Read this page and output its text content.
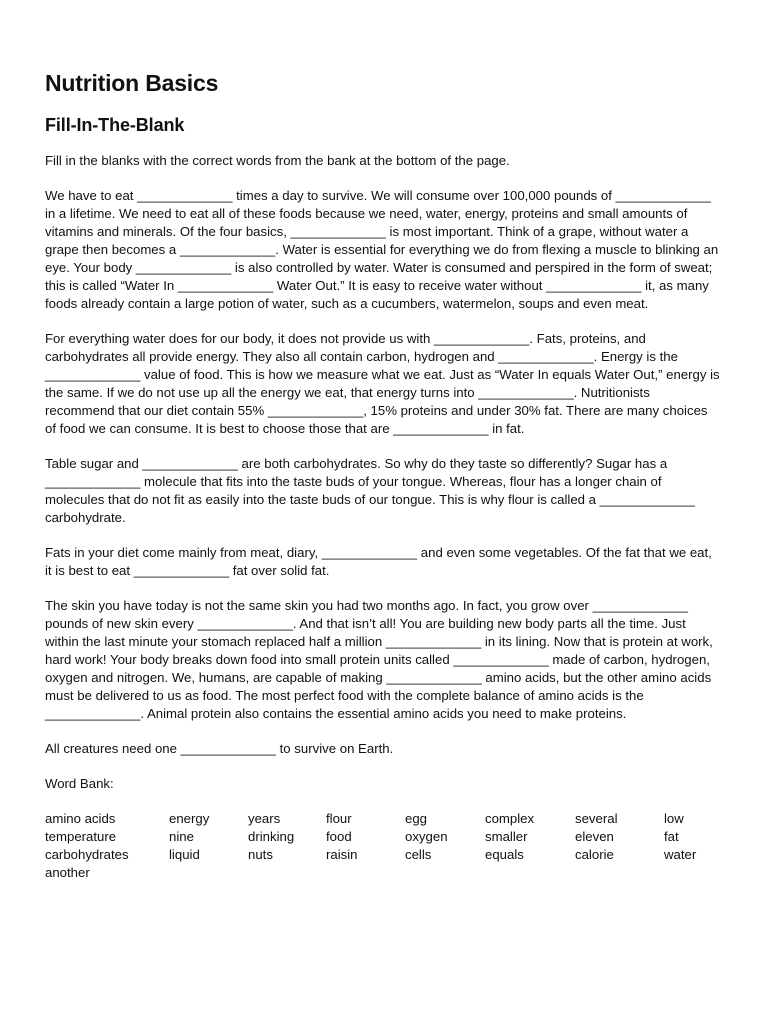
Nutrition Basics
Fill-In-The-Blank

Fill in the blanks with the correct words from the bank at the bottom of the page.

We have to eat _____________ times a day to survive. We will consume over 100,000 pounds of _____________ in a lifetime. We need to eat all of these foods because we need, water, energy, proteins and small amounts of vitamins and minerals. Of the four basics, _____________ is most important. Think of a grape, without water a grape then becomes a _____________. Water is essential for everything we do from flexing a muscle to blinking an eye. Your body _____________ is also controlled by water. Water is consumed and perspired in the form of sweat; this is called “Water In _____________ Water Out.” It is easy to receive water without _____________ it, as many foods already contain a large potion of water, such as a cucumbers, watermelon, soups and even meat.

For everything water does for our body, it does not provide us with _____________. Fats, proteins, and carbohydrates all provide energy. They also all contain carbon, hydrogen and _____________. Energy is the _____________ value of food. This is how we measure what we eat. Just as “Water In equals Water Out,” energy is the same. If we do not use up all the energy we eat, that energy turns into _____________. Nutritionists recommend that our diet contain 55% _____________, 15% proteins and under 30% fat. There are many choices of food we can consume. It is best to choose those that are _____________ in fat.

Table sugar and _____________ are both carbohydrates. So why do they taste so differently? Sugar has a _____________ molecule that fits into the taste buds of your tongue. Whereas, flour has a longer chain of molecules that do not fit as easily into the taste buds of our tongue. This is why flour is called a _____________ carbohydrate.

Fats in your diet come mainly from meat, diary, _____________ and even some vegetables. Of the fat that we eat, it is best to eat _____________ fat over solid fat.

The skin you have today is not the same skin you had two months ago. In fact, you grow over _____________ pounds of new skin every _____________. And that isn’t all! You are building new body parts all the time. Just within the last minute your stomach replaced half a million _____________ in its lining. Now that is protein at work, hard work! Your body breaks down food into small protein units called _____________ made of carbon, hydrogen, oxygen and nitrogen. We, humans, are capable of making _____________ amino acids, but the other amino acids must be delivered to us as food. The most perfect food with the complete balance of amino acids is the _____________. Animal protein also contains the essential amino acids you need to make proteins.

All creatures need one _____________ to survive on Earth.

Word Bank:

amino acids	energy	years	flour	egg	complex	several	low
temperature	nine	drinking	food	oxygen	smaller	eleven	fat
carbohydrates	liquid	nuts	raisin	cells	equals	calorie	water
another
